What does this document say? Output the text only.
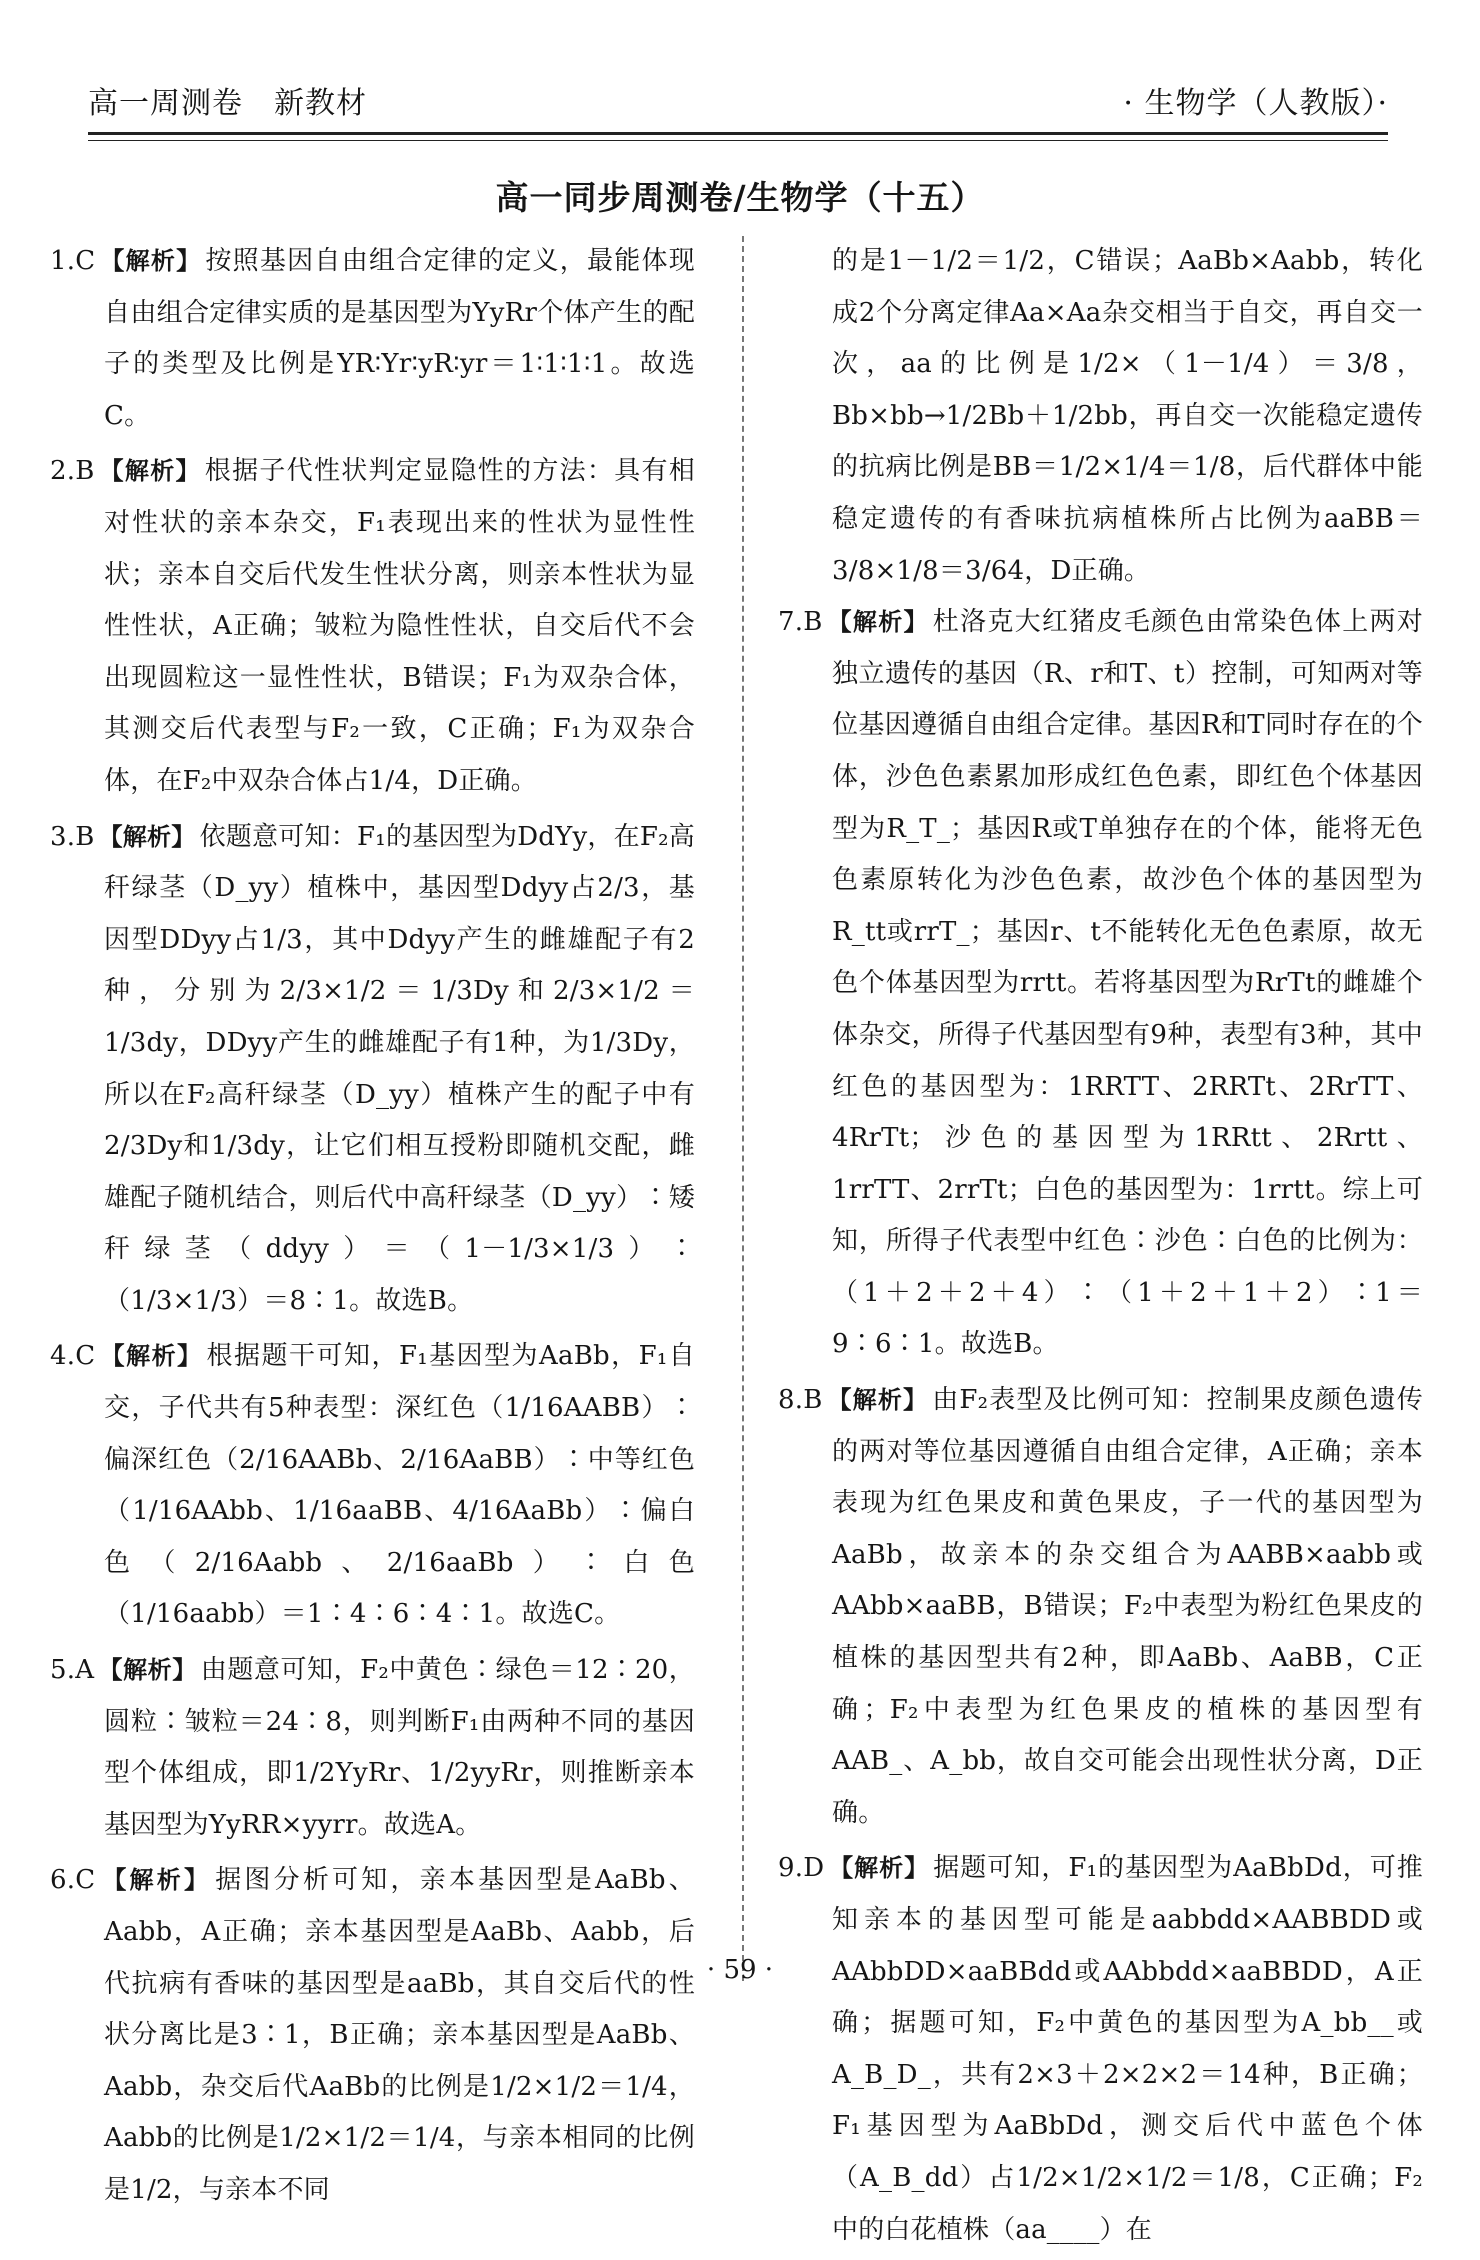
高一周测卷　新教材	· 生物学（人教版）·
高一同步周测卷/生物学（十五）

1.C 【解析】 按照基因自由组合定律的定义，最能体现自由组合定律实质的是基因型为YyRr个体产生的配子的类型及比例是YR∶Yr∶yR∶yr＝1∶1∶1∶1。故选C。

2.B 【解析】 根据子代性状判定显隐性的方法：具有相对性状的亲本杂交，F₁表现出来的性状为显性性状；亲本自交后代发生性状分离，则亲本性状为显性性状，A正确；皱粒为隐性性状，自交后代不会出现圆粒这一显性性状，B错误；F₁为双杂合体，其测交后代表型与F₂一致，C正确；F₁为双杂合体，在F₂中双杂合体占1/4，D正确。

3.B 【解析】 依题意可知：F₁的基因型为DdYy，在F₂高秆绿茎（D_yy）植株中，基因型Ddyy占2/3，基因型DDyy占1/3，其中Ddyy产生的雌雄配子有2种，分别为2/3×1/2＝1/3Dy和2/3×1/2＝1/3dy，DDyy产生的雌雄配子有1种，为1/3Dy，所以在F₂高秆绿茎（D_yy）植株产生的配子中有2/3Dy和1/3dy，让它们相互授粉即随机交配，雌雄配子随机结合，则后代中高秆绿茎（D_yy）∶矮秆绿茎（ddyy）＝（1－1/3×1/3）∶（1/3×1/3）＝8∶1。故选B。

4.C 【解析】 根据题干可知，F₁基因型为AaBb，F₁自交，子代共有5种表型：深红色（1/16AABB）∶偏深红色（2/16AABb、2/16AaBB）∶中等红色（1/16AAbb、1/16aaBB、4/16AaBb）∶偏白色（2/16Aabb、2/16aaBb）∶白色（1/16aabb）＝1∶4∶6∶4∶1。故选C。

5.A 【解析】 由题意可知，F₂中黄色∶绿色＝12∶20，圆粒∶皱粒＝24∶8，则判断F₁由两种不同的基因型个体组成，即1/2YyRr、1/2yyRr，则推断亲本基因型为YyRR×yyrr。故选A。

6.C 【解析】 据图分析可知，亲本基因型是AaBb、Aabb，A正确；亲本基因型是AaBb、Aabb，后代抗病有香味的基因型是aaBb，其自交后代的性状分离比是3∶1，B正确；亲本基因型是AaBb、Aabb，杂交后代AaBb的比例是1/2×1/2＝1/4，Aabb的比例是1/2×1/2＝1/4，与亲本相同的比例是1/2，与亲本不同

的是1－1/2＝1/2，C错误；AaBb×Aabb，转化成2个分离定律Aa×Aa杂交相当于自交，再自交一次，aa的比例是1/2×（1－1/4）＝3/8，Bb×bb→1/2Bb＋1/2bb，再自交一次能稳定遗传的抗病比例是BB＝1/2×1/4＝1/8，后代群体中能稳定遗传的有香味抗病植株所占比例为aaBB＝3/8×1/8＝3/64，D正确。

7.B 【解析】 杜洛克大红猪皮毛颜色由常染色体上两对独立遗传的基因（R、r和T、t）控制，可知两对等位基因遵循自由组合定律。基因R和T同时存在的个体，沙色色素累加形成红色色素，即红色个体基因型为R_T_；基因R或T单独存在的个体，能将无色色素原转化为沙色色素，故沙色个体的基因型为R_tt或rrT_；基因r、t不能转化无色色素原，故无色个体基因型为rrtt。若将基因型为RrTt的雌雄个体杂交，所得子代基因型有9种，表型有3种，其中红色的基因型为：1RRTT、2RRTt、2RrTT、4RrTt；沙色的基因型为1RRtt、2Rrtt、1rrTT、2rrTt；白色的基因型为：1rrtt。综上可知，所得子代表型中红色∶沙色∶白色的比例为：（1＋2＋2＋4）∶（1＋2＋1＋2）∶1＝9∶6∶1。故选B。

8.B 【解析】 由F₂表型及比例可知：控制果皮颜色遗传的两对等位基因遵循自由组合定律，A正确；亲本表现为红色果皮和黄色果皮，子一代的基因型为AaBb，故亲本的杂交组合为AABB×aabb或AAbb×aaBB，B错误；F₂中表型为粉红色果皮的植株的基因型共有2种，即AaBb、AaBB，C正确；F₂中表型为红色果皮的植株的基因型有AAB_、A_bb，故自交可能会出现性状分离，D正确。

9.D 【解析】 据题可知，F₁的基因型为AaBbDd，可推知亲本的基因型可能是aabbdd×AABBDD或AAbbDD×aaBBdd或AAbbdd×aaBBDD，A正确；据题可知，F₂中黄色的基因型为A_bb__或A_B_D_，共有2×3＋2×2×2＝14种，B正确；F₁基因型为AaBbDd，测交后代中蓝色个体（A_B_dd）占1/2×1/2×1/2＝1/8，C正确；F₂中的白花植株（aa____）在

· 59 ·
